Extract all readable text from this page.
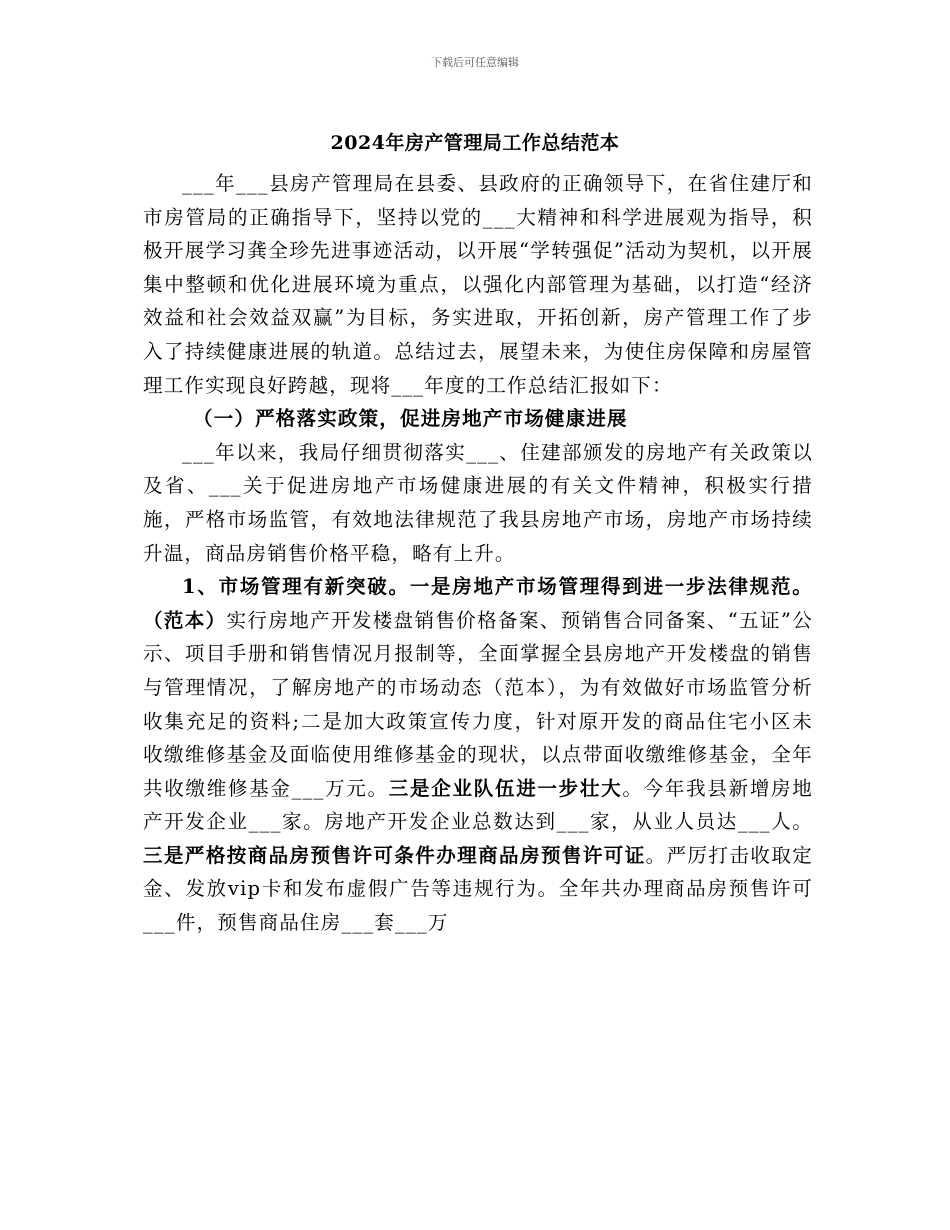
下载后可任意编辑
2024年房产管理局工作总结范本

___年___县房产管理局在县委、县政府的正确领导下，在省住建厅和市房管局的正确指导下，坚持以党的___大精神和科学进展观为指导，积极开展学习龚全珍先进事迹活动，以开展“学转强促”活动为契机，以开展集中整顿和优化进展环境为重点，以强化内部管理为基础，以打造“经济效益和社会效益双赢”为目标，务实进取，开拓创新，房产管理工作了步入了持续健康进展的轨道。总结过去，展望未来，为使住房保障和房屋管理工作实现良好跨越，现将___年度的工作总结汇报如下：

（一）严格落实政策，促进房地产市场健康进展

___年以来，我局仔细贯彻落实___、住建部颁发的房地产有关政策以及省、___关于促进房地产市场健康进展的有关文件精神，积极实行措施，严格市场监管，有效地法律规范了我县房地产市场，房地产市场持续升温，商品房销售价格平稳，略有上升。

1、市场管理有新突破。一是房地产市场管理得到进一步法律规范。（范本）实行房地产开发楼盘销售价格备案、预销售合同备案、“五证”公示、项目手册和销售情况月报制等，全面掌握全县房地产开发楼盘的销售与管理情况，了解房地产的市场动态（范本），为有效做好市场监管分析收集充足的资料;二是加大政策宣传力度，针对原开发的商品住宅小区未收缴维修基金及面临使用维修基金的现状，以点带面收缴维修基金，全年共收缴维修基金___万元。三是企业队伍进一步壮大。今年我县新增房地产开发企业___家。房地产开发企业总数达到___家，从业人员达___人。三是严格按商品房预售许可条件办理商品房预售许可证。严厉打击收取定金、发放vip卡和发布虚假广告等违规行为。全年共办理商品房预售许可___件，预售商品住房___套___万
